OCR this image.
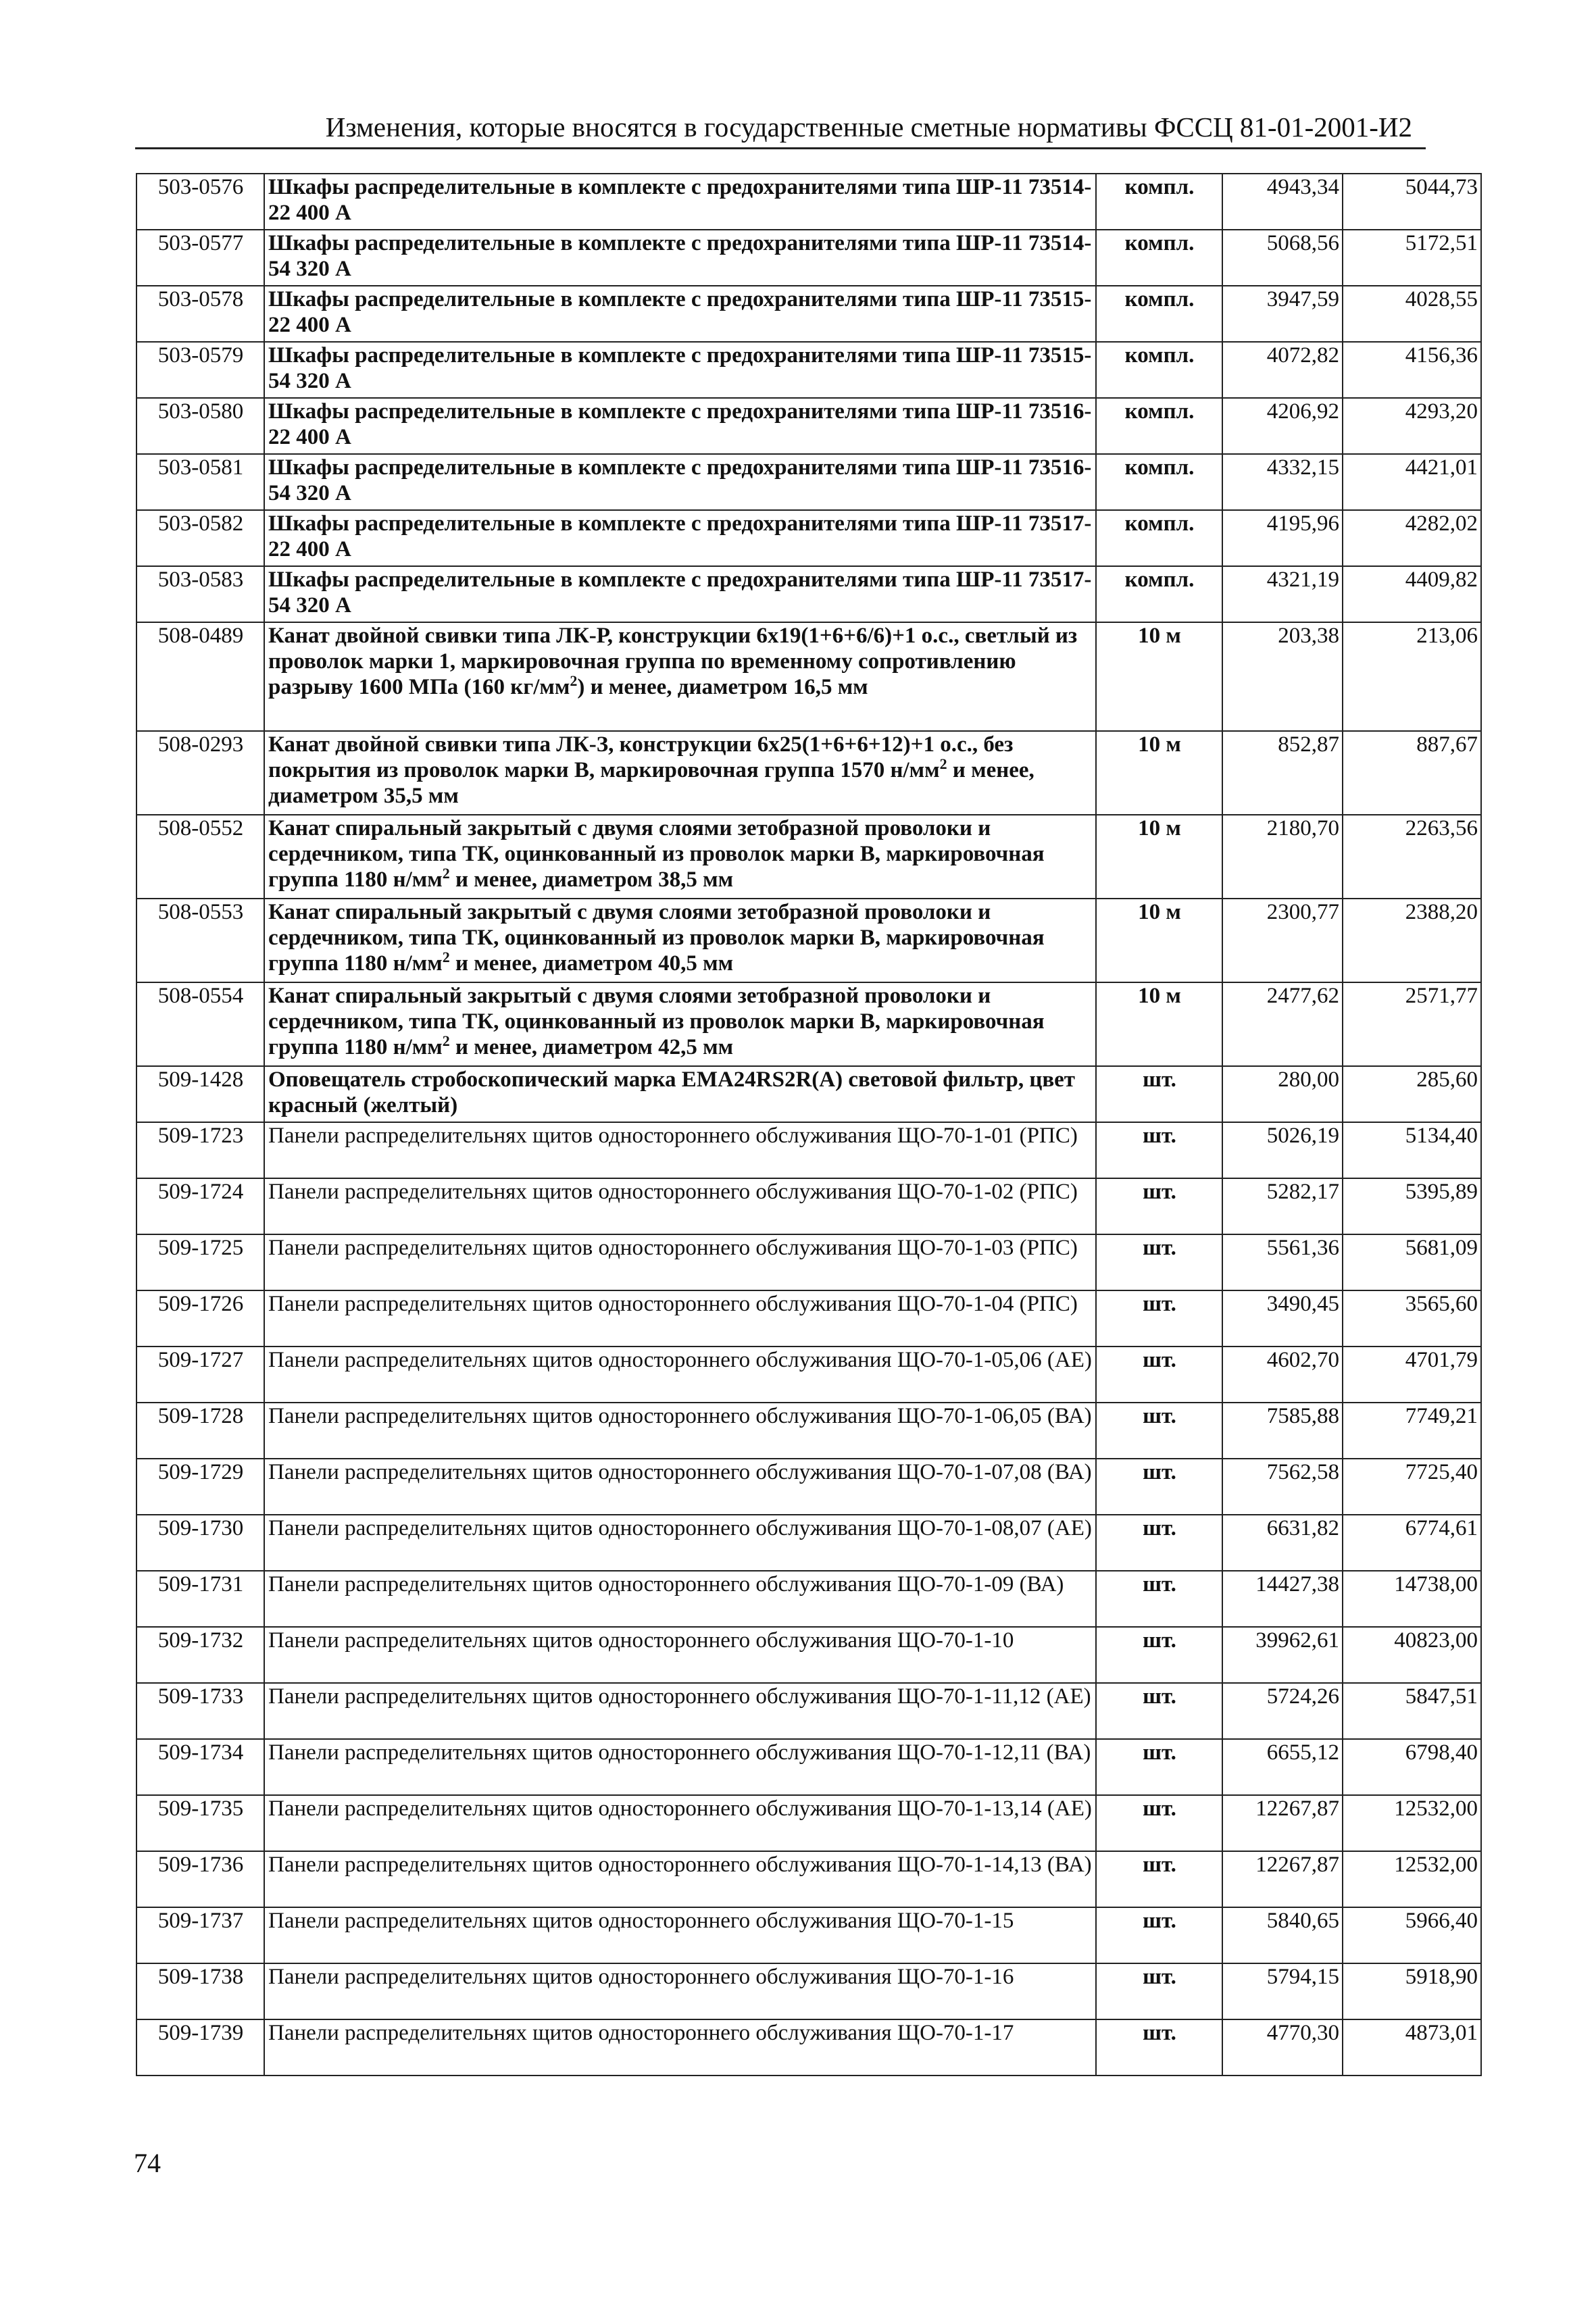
Изменения, которые вносятся в государственные сметные нормативы ФССЦ 81-01-2001-И2
503-0576	Шкафы распределительные в комплекте с предохранителями типа ШР-11 73514-22 400 А	компл.	4943,34	5044,73
503-0577	Шкафы распределительные в комплекте с предохранителями типа ШР-11 73514-54 320 А	компл.	5068,56	5172,51
503-0578	Шкафы распределительные в комплекте с предохранителями типа ШР-11 73515-22 400 А	компл.	3947,59	4028,55
503-0579	Шкафы распределительные в комплекте с предохранителями типа ШР-11 73515-54 320 А	компл.	4072,82	4156,36
503-0580	Шкафы распределительные в комплекте с предохранителями типа ШР-11 73516-22 400 А	компл.	4206,92	4293,20
503-0581	Шкафы распределительные в комплекте с предохранителями типа ШР-11 73516-54 320 А	компл.	4332,15	4421,01
503-0582	Шкафы распределительные в комплекте с предохранителями типа ШР-11 73517-22 400 А	компл.	4195,96	4282,02
503-0583	Шкафы распределительные в комплекте с предохранителями типа ШР-11 73517-54 320 А	компл.	4321,19	4409,82
508-0489	Канат двойной свивки типа ЛК-Р, конструкции 6х19(1+6+6/6)+1 о.с., светлый из проволок марки 1, маркировочная группа по временному сопротивлению разрыву 1600 МПа (160 $кг/мм^2$) и менее, диаметром 16,5 мм	10 м	203,38	213,06
508-0293	Канат двойной свивки типа ЛК-З, конструкции 6х25(1+6+6+12)+1 о.с., без покрытия из проволок марки В, маркировочная группа 1570 $н/мм^2$ и менее, диаметром 35,5 мм	10 м	852,87	887,67
508-0552	Канат спиральный закрытый с двумя слоями зетобразной проволоки и сердечником, типа ТК, оцинкованный из проволок марки В, маркировочная группа 1180 $н/мм^2$ и менее, диаметром 38,5 мм	10 м	2180,70	2263,56
508-0553	Канат спиральный закрытый с двумя слоями зетобразной проволоки и сердечником, типа ТК, оцинкованный из проволок марки В, маркировочная группа 1180 $н/мм^2$ и менее, диаметром 40,5 мм	10 м	2300,77	2388,20
508-0554	Канат спиральный закрытый с двумя слоями зетобразной проволоки и сердечником, типа ТК, оцинкованный из проволок марки В, маркировочная группа 1180 $н/мм^2$ и менее, диаметром 42,5 мм	10 м	2477,62	2571,77
509-1428	Оповещатель стробоскопический марка EMA24RS2R(A) световой фильтр, цвет красный (желтый)	шт.	280,00	285,60
509-1723	Панели распределительнях щитов одностороннего обслуживания ЩО-70-1-01 (РПС)	шт.	5026,19	5134,40
509-1724	Панели распределительнях щитов одностороннего обслуживания ЩО-70-1-02 (РПС)	шт.	5282,17	5395,89
509-1725	Панели распределительнях щитов одностороннего обслуживания ЩО-70-1-03 (РПС)	шт.	5561,36	5681,09
509-1726	Панели распределительнях щитов одностороннего обслуживания ЩО-70-1-04 (РПС)	шт.	3490,45	3565,60
509-1727	Панели распределительнях щитов одностороннего обслуживания ЩО-70-1-05,06 (АЕ)	шт.	4602,70	4701,79
509-1728	Панели распределительнях щитов одностороннего обслуживания ЩО-70-1-06,05 (ВА)	шт.	7585,88	7749,21
509-1729	Панели распределительнях щитов одностороннего обслуживания ЩО-70-1-07,08 (ВА)	шт.	7562,58	7725,40
509-1730	Панели распределительнях щитов одностороннего обслуживания ЩО-70-1-08,07 (АЕ)	шт.	6631,82	6774,61
509-1731	Панели распределительнях щитов одностороннего обслуживания ЩО-70-1-09 (ВА)	шт.	14427,38	14738,00
509-1732	Панели распределительнях щитов одностороннего обслуживания ЩО-70-1-10	шт.	39962,61	40823,00
509-1733	Панели распределительнях щитов одностороннего обслуживания ЩО-70-1-11,12 (АЕ)	шт.	5724,26	5847,51
509-1734	Панели распределительнях щитов одностороннего обслуживания ЩО-70-1-12,11 (ВА)	шт.	6655,12	6798,40
509-1735	Панели распределительнях щитов одностороннего обслуживания ЩО-70-1-13,14 (АЕ)	шт.	12267,87	12532,00
509-1736	Панели распределительнях щитов одностороннего обслуживания ЩО-70-1-14,13 (ВА)	шт.	12267,87	12532,00
509-1737	Панели распределительнях щитов одностороннего обслуживания ЩО-70-1-15	шт.	5840,65	5966,40
509-1738	Панели распределительнях щитов одностороннего обслуживания ЩО-70-1-16	шт.	5794,15	5918,90
509-1739	Панели распределительнях щитов одностороннего обслуживания ЩО-70-1-17	шт.	4770,30	4873,01
74
